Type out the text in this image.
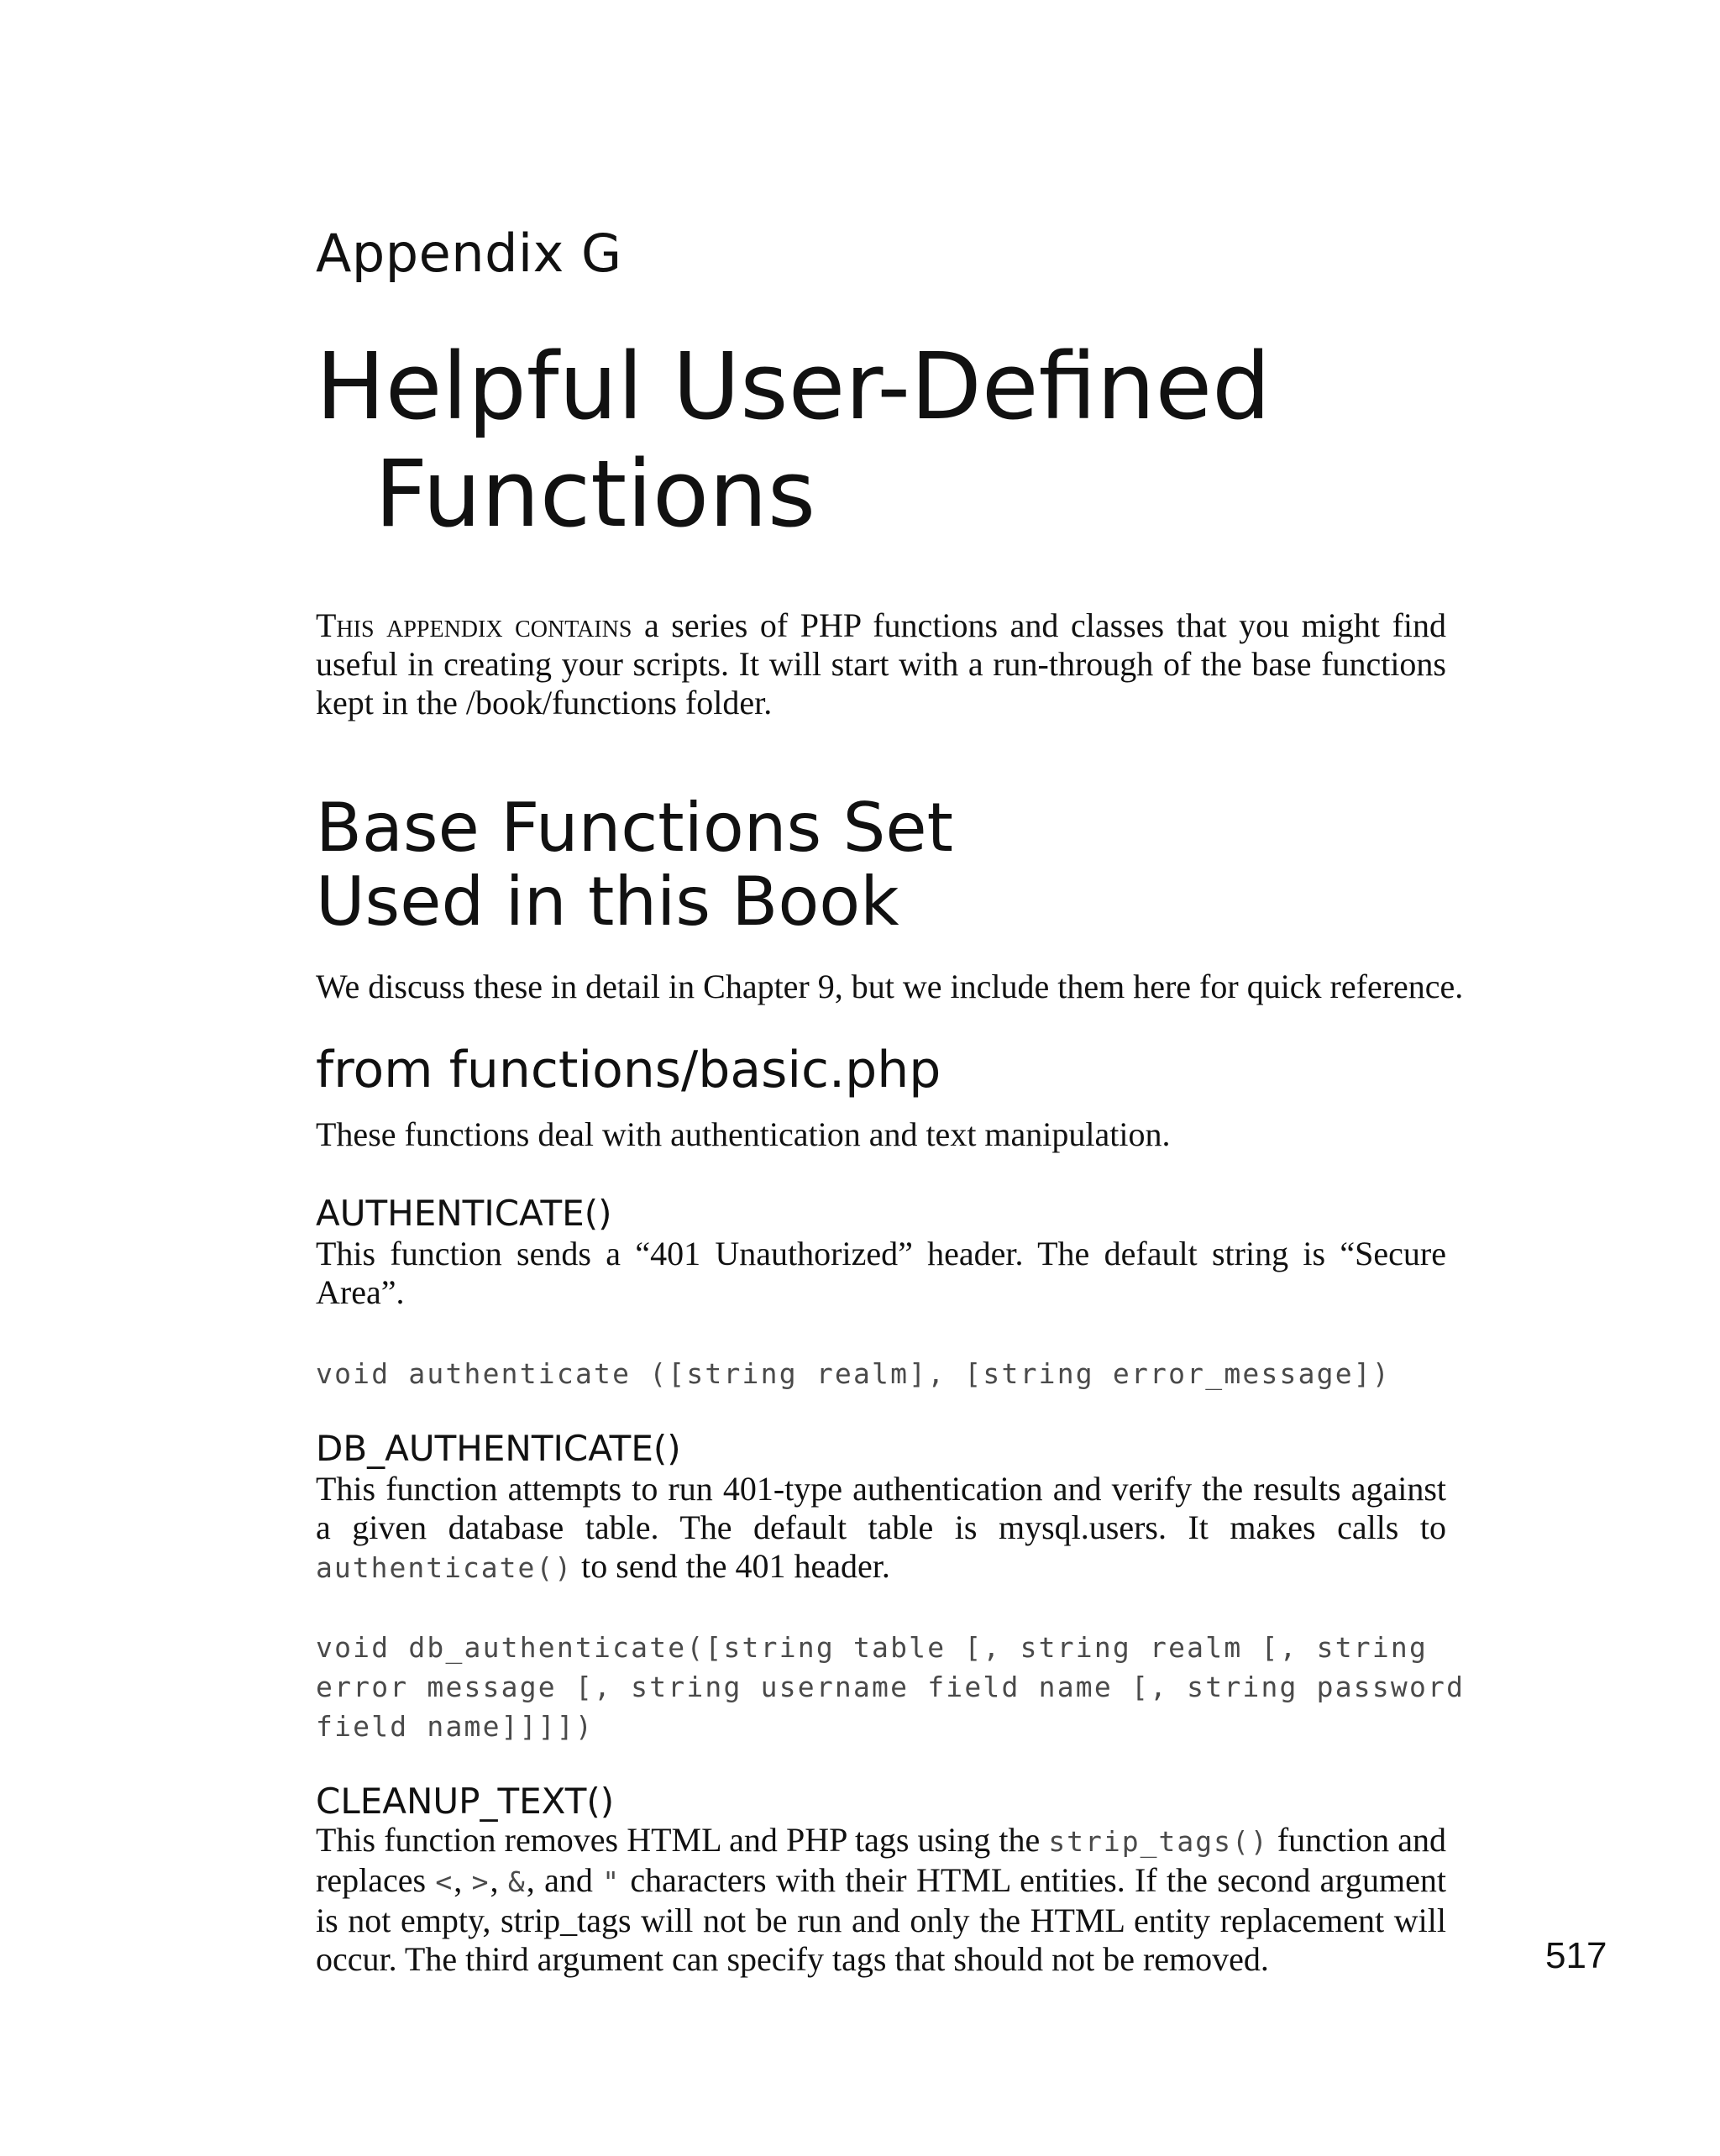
Appendix G
Helpful User-Defined
Functions

This appendix contains a series of PHP functions and classes that you might find useful in creating your scripts. It will start with a run-through of the base functions kept in the /book/functions folder.

Base Functions Set
Used in this Book

We discuss these in detail in Chapter 9, but we include them here for quick reference.

from functions/basic.php

These functions deal with authentication and text manipulation.

AUTHENTICATE()

This function sends a “401 Unauthorized” header. The default string is “Secure Area”.

void authenticate ([string realm], [string error_message])
DB_AUTHENTICATE()

This function attempts to run 401-type authentication and verify the results against a given database table. The default table is mysql.users. It makes calls to authenticate() to send the 401 header.

void db_authenticate([string table [, string realm [, string error message [, string username field name [, string password field name]]]])
CLEANUP_TEXT()

This function removes HTML and PHP tags using the strip_tags() function and replaces <, >, &, and " characters with their HTML entities. If the second argument is not empty, strip_tags will not be run and only the HTML entity replacement will occur. The third argument can specify tags that should not be removed.	517
